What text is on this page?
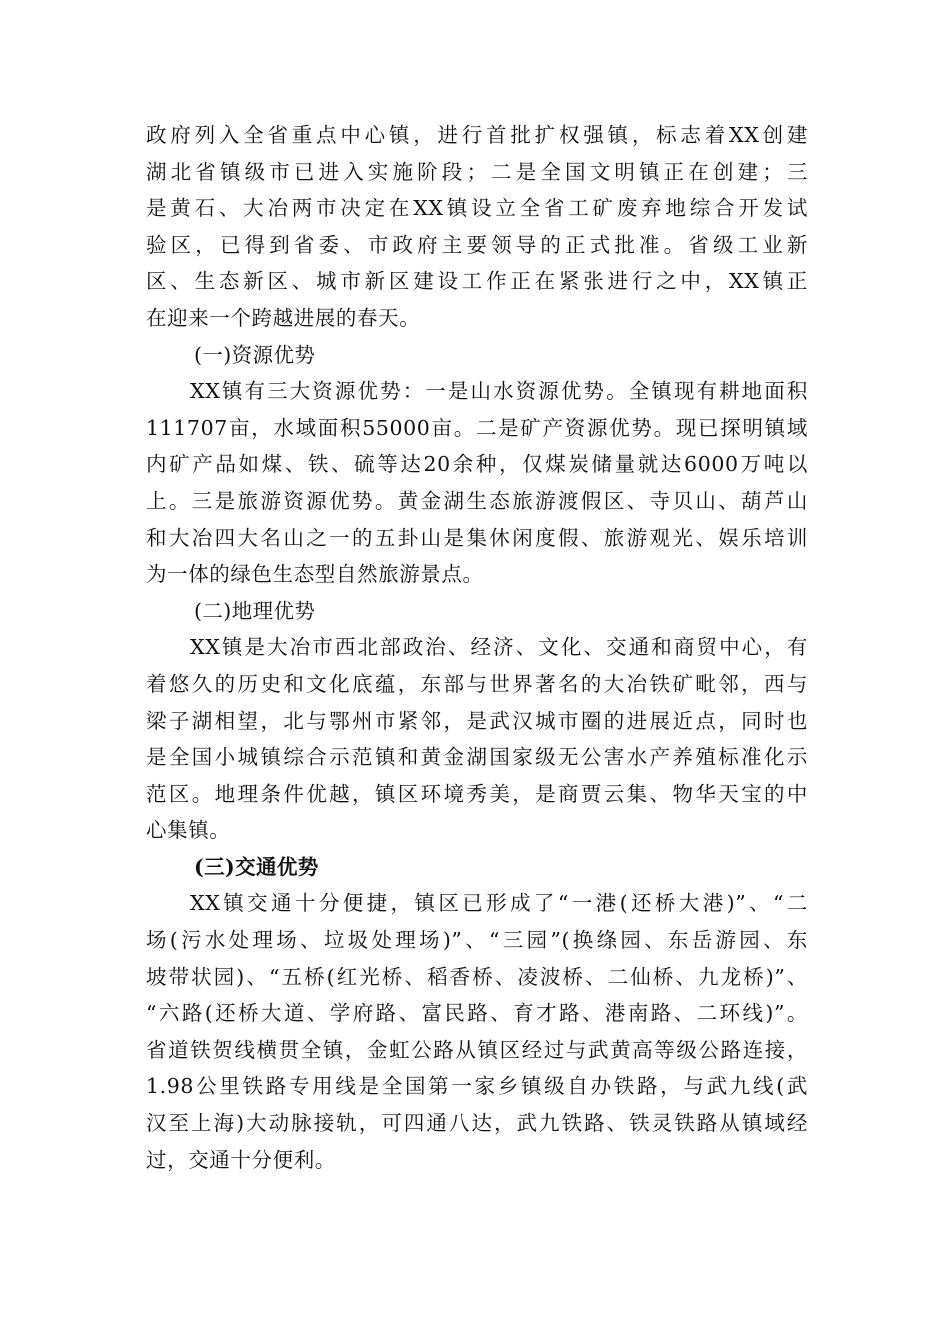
政府列入全省重点中心镇，进行首批扩权强镇，标志着XX创建
湖北省镇级市已进入实施阶段；二是全国文明镇正在创建；三
是黄石、大冶两市决定在XX镇设立全省工矿废弃地综合开发试
验区，已得到省委、市政府主要领导的正式批准。省级工业新
区、生态新区、城市新区建设工作正在紧张进行之中，XX镇正
在迎来一个跨越进展的春天。
(一)资源优势
XX镇有三大资源优势：一是山水资源优势。全镇现有耕地面积
111707亩，水域面积55000亩。二是矿产资源优势。现已探明镇域
内矿产品如煤、铁、硫等达20余种，仅煤炭储量就达6000万吨以
上。三是旅游资源优势。黄金湖生态旅游渡假区、寺贝山、葫芦山
和大冶四大名山之一的五卦山是集休闲度假、旅游观光、娱乐培训
为一体的绿色生态型自然旅游景点。
(二)地理优势
XX镇是大冶市西北部政治、经济、文化、交通和商贸中心，有
着悠久的历史和文化底蕴，东部与世界著名的大冶铁矿毗邻，西与
梁子湖相望，北与鄂州市紧邻，是武汉城市圈的进展近点，同时也
是全国小城镇综合示范镇和黄金湖国家级无公害水产养殖标准化示
范区。地理条件优越，镇区环境秀美，是商贾云集、物华天宝的中
心集镇。
(三)交通优势
XX镇交通十分便捷，镇区已形成了“一港(还桥大港)”、“二
场(污水处理场、垃圾处理场)”、“三园”(换绦园、东岳游园、东
坡带状园)、“五桥(红光桥、稻香桥、凌波桥、二仙桥、九龙桥)”、
“六路(还桥大道、学府路、富民路、育才路、港南路、二环线)”。
省道铁贺线横贯全镇，金虹公路从镇区经过与武黄高等级公路连接，
1.98公里铁路专用线是全国第一家乡镇级自办铁路，与武九线(武
汉至上海)大动脉接轨，可四通八达，武九铁路、铁灵铁路从镇域经
过，交通十分便利。
